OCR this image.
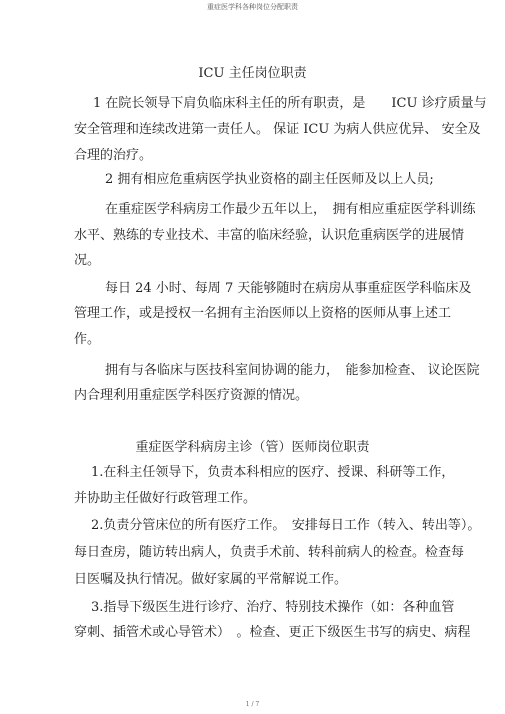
重症医学科各种岗位分配职责
ICU 主任岗位职责
1 在院长领导下肩负临床科主任的所有职责，是　　ICU 诊疗质量与
安全管理和连续改进第一责任人。 保证 ICU 为病人供应优异、 安全及
合理的治疗。
2 拥有相应危重病医学执业资格的副主任医师及以上人员;
在重症医学科病房工作最少五年以上，　拥有相应重症医学科训练
水平、熟练的专业技术、丰富的临床经验，认识危重病医学的进展情
况。
每日 24 小时、每周 7 天能够随时在病房从事重症医学科临床及
管理工作，或是授权一名拥有主治医师以上资格的医师从事上述工
作。
拥有与各临床与医技科室间协调的能力，　能参加检查、 议论医院
内合理利用重症医学科医疗资源的情况。
重症医学科病房主诊（管）医师岗位职责
1.在科主任领导下，负责本科相应的医疗、授课、科研等工作，
并协助主任做好行政管理工作。
2.负责分管床位的所有医疗工作。　安排每日工作（转入、转出等）。
每日查房，随访转出病人，负责手术前、转科前病人的检查。检查每
日医嘱及执行情况。做好家属的平常解说工作。
3.指导下级医生进行诊疗、治疗、特别技术操作（如：各种血管
穿刺、插管术或心导管术）　。检查、更正下级医生书写的病史、病程
1 / 7
